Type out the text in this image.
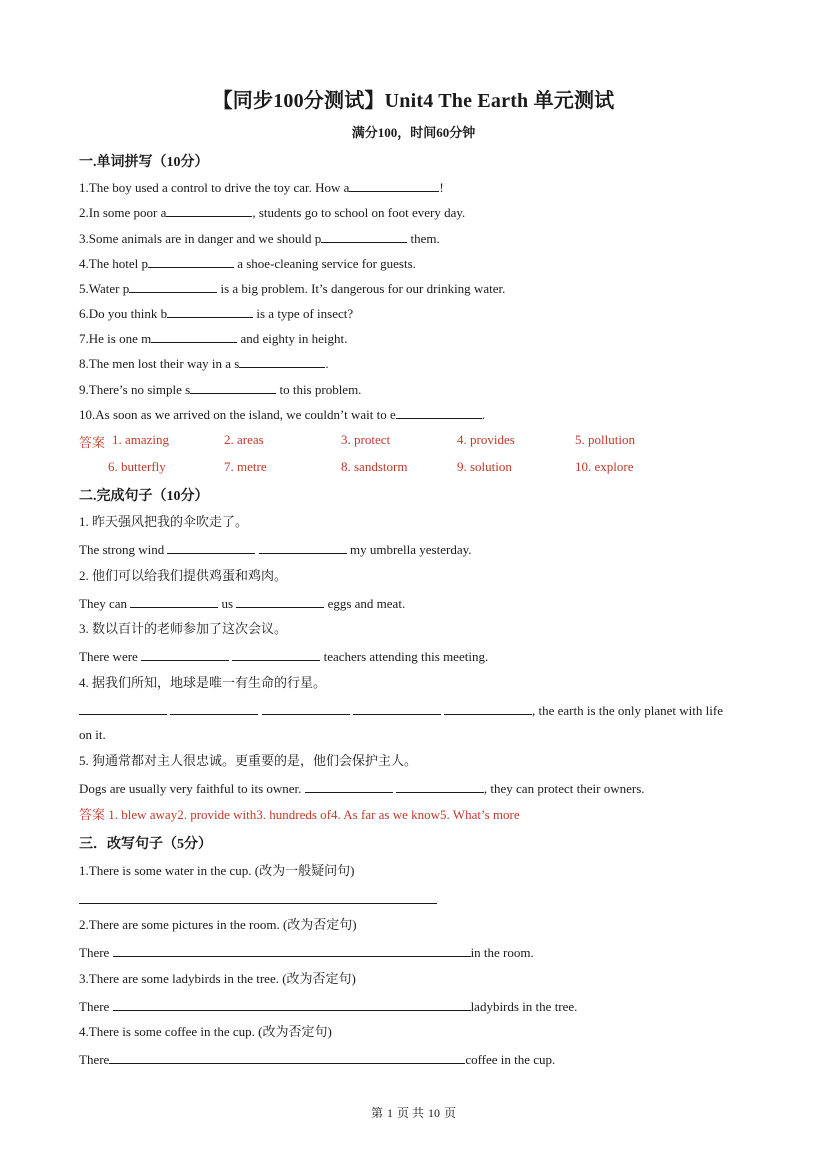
【同步100分测试】Unit4 The Earth 单元测试
满分100，时间60分钟
一.单词拼写（10分）
1.The boy used a control to drive the toy car. How a	!
2.In some poor a	, students go to school on foot every day.
3.Some animals are in danger and we should p	them.
4.The hotel p	a shoe-cleaning service for guests.
5.Water p	is a big problem. It’s dangerous for our drinking water.
6.Do you think b	is a type of insect?
7.He is one m	and eighty in height.
8.The men lost their way in a s	.
9.There’s no simple s	to this problem.
10.As soon as we arrived on the island, we couldn’t wait to e	.
答案 1. amazing	2. areas	3. protect	4. provides	5. pollution
6. butterfly	7. metre	8. sandstorm	9. solution	10. explore
二.完成句子（10分）
1. 昨天强风把我的伞吹走了。
The strong wind	my umbrella yesterday.
2. 他们可以给我们提供鸡蛋和鸡肉。
They can	us	eggs and meat.
3. 数以百计的老师参加了这次会议。
There were	teachers attending this meeting.
4. 据我们所知，地球是唯一有生命的行星。
, the earth is the only planet with life
on it.
5. 狗通常都对主人很忠诚。更重要的是，他们会保护主人。
Dogs are usually very faithful to its owner.	, they can protect their owners.
答案 1. blew away2. provide with3. hundreds of4. As far as we know5. What’s more
三．改写句子（5分）
1.There is some water in the cup. (改为一般疑问句)
2.There are some pictures in the room. (改为否定句)
There	in the room.
3.There are some ladybirds in the tree. (改为否定句)
There	ladybirds in the tree.
4.There is some coffee in the cup. (改为否定句)
There	coffee in the cup.
第 1 页 共 10 页
